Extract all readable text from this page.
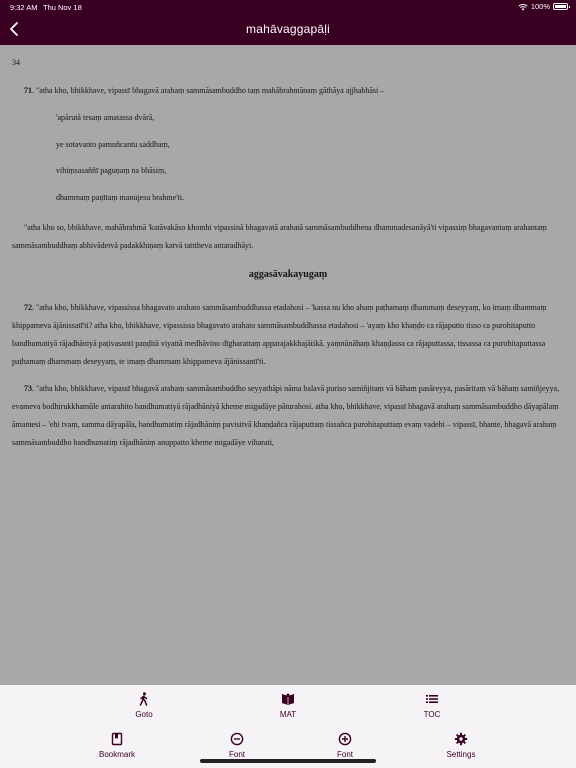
9:32 AM Thu Nov 18	100%
mahāvaggapāḷi
34
71. "atha kho, bhikkhave, vipassī bhagavā arahaṃ sammāsambuddho taṃ mahābrahmānaṃ gāthāya ajjhabhāsi –
'apārutā tesaṃ amatassa dvārā,
ye sotavanto pamuñcantu saddhaṃ,
vihiṃsasaññī paguṇaṃ na bhāsiṃ,
dhammaṃ paṇītaṃ manujesu brahme'ti.
"atha kho so, bhikkhave, mahābrahmā 'katāvakāso khomhi vipassinā bhagavatā arahatā sammāsambuddhena dhammadesanāyā'ti vipassiṃ bhagavantaṃ arahantaṃ sammāsambuddhaṃ abhivādetvā padakkhiṇaṃ katvā tatttheva antaradhāyi.
aggasāvakayugaṃ
72. "atha kho, bhikkhave, vipassissa bhagavato arahato sammāsambuddhassa etadahosi – 'kassa nu kho ahaṃ paṭhamaṃ dhammaṃ deseyyaṃ, ko imaṃ dhammaṃ khippameva ājānissatī'ti? atha kho, bhikkhave, vipassissa bhagavato arahato sammāsambuddhassa etadahosi – 'ayaṃ kho khaṇḍo ca rājaputto tisso ca purohitaputto bandhumatiyā rājadhāniyā paṭivasanti paṇḍitā viyattā medhāvino dīgharattaṃ apparajakkhajātikā. yaṃnūnāhaṃ khaṇḍassa ca rājaputtassa, tissassa ca purohitaputtassa paṭhamaṃ dhammaṃ deseyyaṃ, te imaṃ dhammaṃ khippameva ājānissantī'ti.
73. "atha kho, bhikkhave, vipassī bhagavā arahaṃ sammāsambuddho seyyathāpi nāma balavā puriso samiñjitaṃ vā bāhaṃ pasāreyya, pasāritaṃ vā bāhaṃ samiñjeyya, evameva bodhirukkhamūle antarahito bandhumatiyā rājadhāniyā kheme migadāye pāturahosi. atha kho, bhikkhave, vipassī bhagavā arahaṃ sammāsambuddho dāyapālaṃ āmantesi – 'ehi tvaṃ, samma dāyapāla, bandhumatiṃ rājadhāniṃ pavisitvā khaṇḍañca rājaputtaṃ tissañca purohitaputtaṃ evaṃ vadehi – vipassī, bhante, bhagavā arahaṃ sammāsambuddho bandhumatiṃ rājadhāniṃ anuppatto kheme migadāye viharati,
Goto	MAT	TOC
Bookmark	Font	Font	Settings
